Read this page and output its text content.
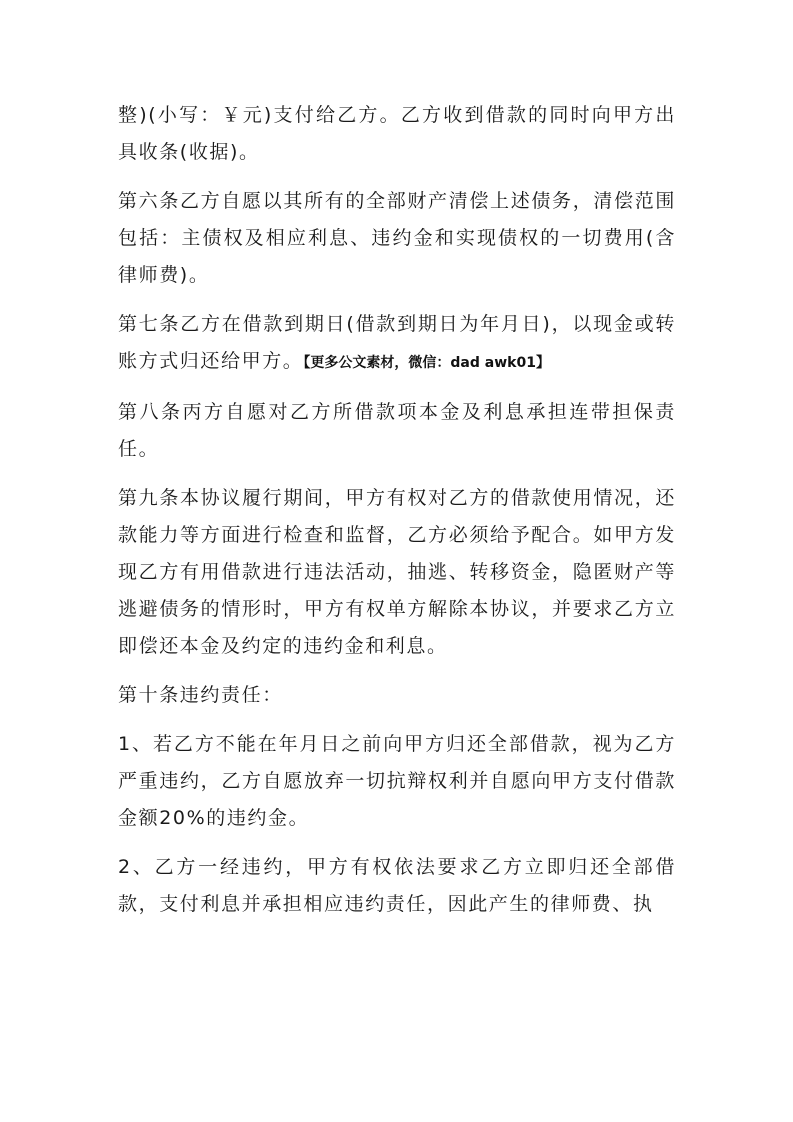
整)(小写：￥元)支付给乙方。乙方收到借款的同时向甲方出具收条(收据)。

第六条乙方自愿以其所有的全部财产清偿上述债务，清偿范围包括：主债权及相应利息、违约金和实现债权的一切费用(含律师费)。

第七条乙方在借款到期日(借款到期日为年月日)，以现金或转账方式归还给甲方。【更多公文素材，微信：dad awk01】

第八条丙方自愿对乙方所借款项本金及利息承担连带担保责任。

第九条本协议履行期间，甲方有权对乙方的借款使用情况，还款能力等方面进行检查和监督，乙方必须给予配合。如甲方发现乙方有用借款进行违法活动，抽逃、转移资金，隐匿财产等逃避债务的情形时，甲方有权单方解除本协议，并要求乙方立即偿还本金及约定的违约金和利息。

第十条违约责任：

1、若乙方不能在年月日之前向甲方归还全部借款，视为乙方严重违约，乙方自愿放弃一切抗辩权利并自愿向甲方支付借款金额20%的违约金。

2、乙方一经违约，甲方有权依法要求乙方立即归还全部借款，支付利息并承担相应违约责任，因此产生的律师费、执
